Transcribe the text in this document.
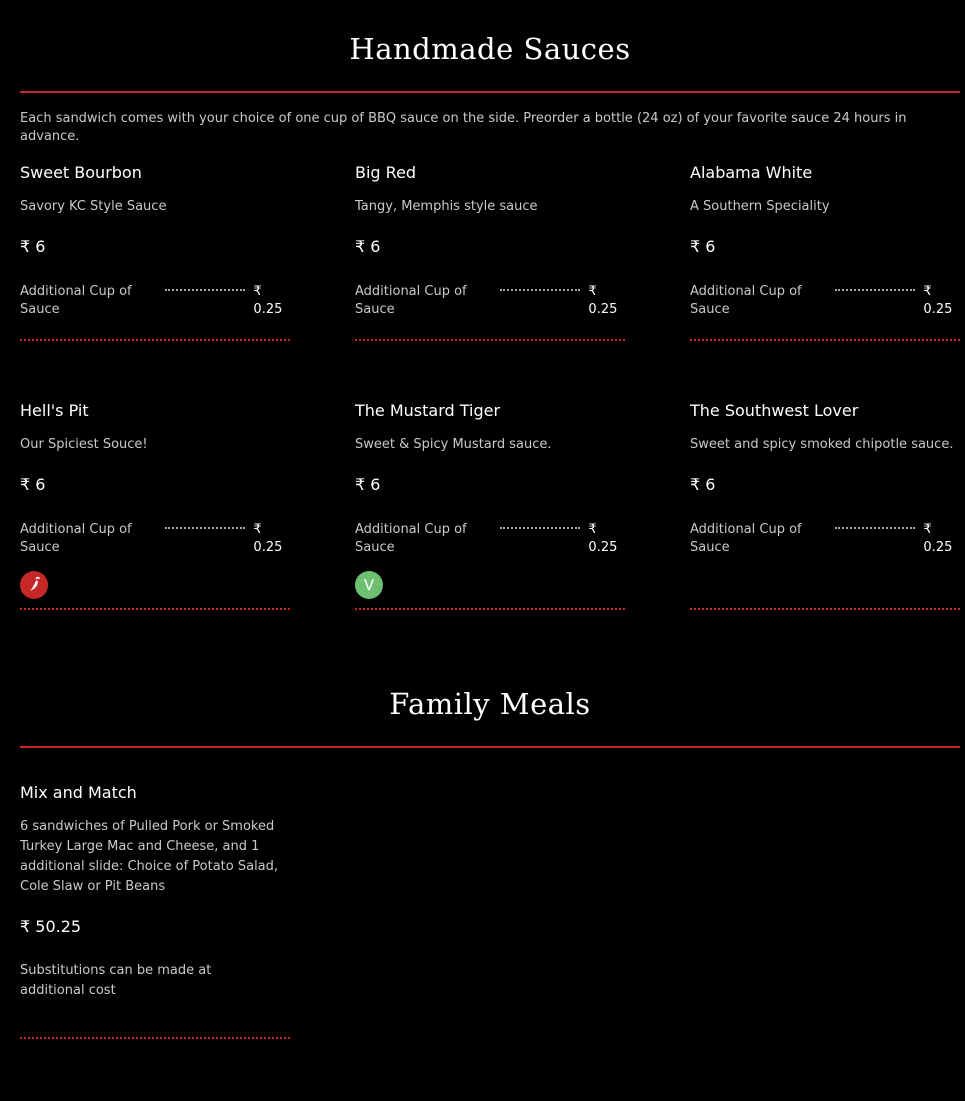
Handmade Sauces
Each sandwich comes with your choice of one cup of BBQ sauce on the side. Preorder a bottle (24 oz) of your favorite sauce 24 hours in advance.
Sweet Bourbon
Savory KC Style Sauce
₹ 6
Additional Cup of Sauce
₹ 0.25
Big Red
Tangy, Memphis style sauce
₹ 6
Additional Cup of Sauce
₹ 0.25
Alabama White
A Southern Speciality
₹ 6
Additional Cup of Sauce
₹ 0.25
Hell's Pit
Our Spiciest Souce!
₹ 6
Additional Cup of Sauce
₹ 0.25
The Mustard Tiger
Sweet & Spicy Mustard sauce.
₹ 6
Additional Cup of Sauce
₹ 0.25
V
The Southwest Lover
Sweet and spicy smoked chipotle sauce.
₹ 6
Additional Cup of Sauce
₹ 0.25
Family Meals
Mix and Match
6 sandwiches of Pulled Pork or Smoked Turkey Large Mac and Cheese, and 1 additional slide: Choice of Potato Salad, Cole Slaw or Pit Beans
₹ 50.25
Substitutions can be made at additional cost
